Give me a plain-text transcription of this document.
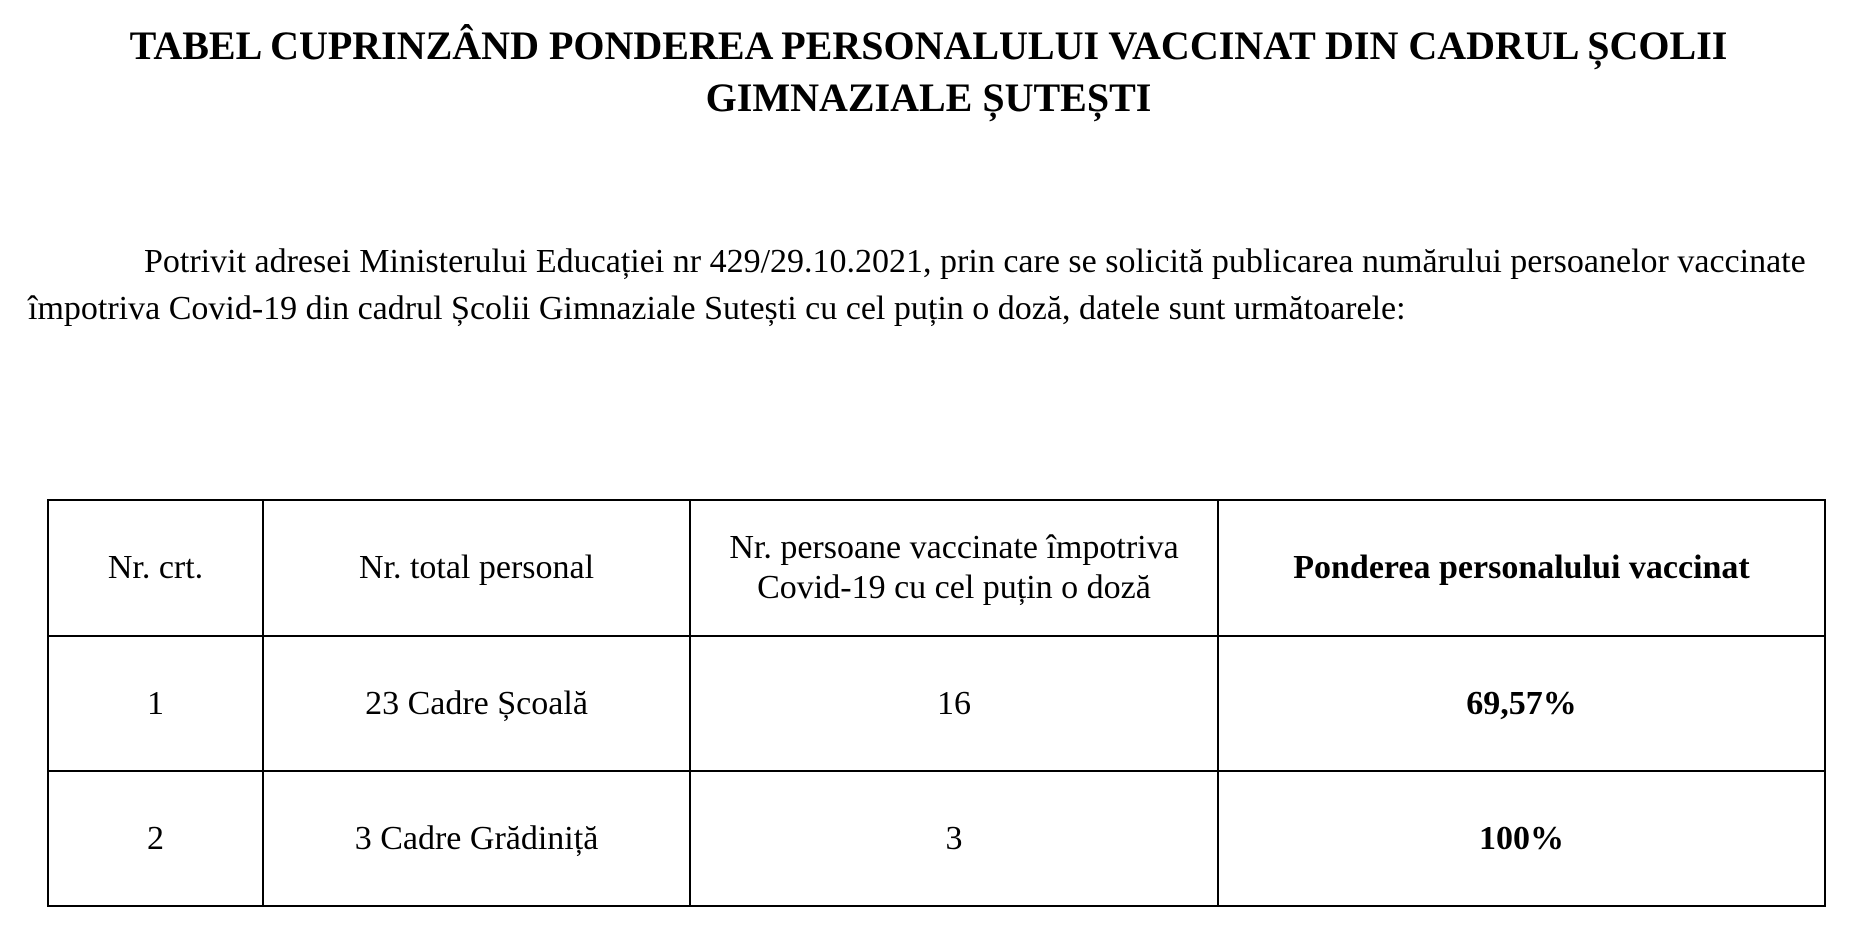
TABEL CUPRINZÂND PONDEREA PERSONALULUI VACCINAT DIN CADRUL ȘCOLII
GIMNAZIALE ȘUTEȘTI

Potrivit adresei Ministerului Educației nr 429/29.10.2021, prin care se solicită publicarea numărului persoanelor vaccinate împotriva Covid-19 din cadrul Școlii Gimnaziale Sutești cu cel puțin o doză, datele sunt următoarele:

Nr. crt.	Nr. total personal	Nr. persoane vaccinate împotriva Covid-19 cu cel puțin o doză	Ponderea personalului vaccinat
1	23 Cadre Școală	16	69,57%
2	3 Cadre Grădiniță	3	100%
